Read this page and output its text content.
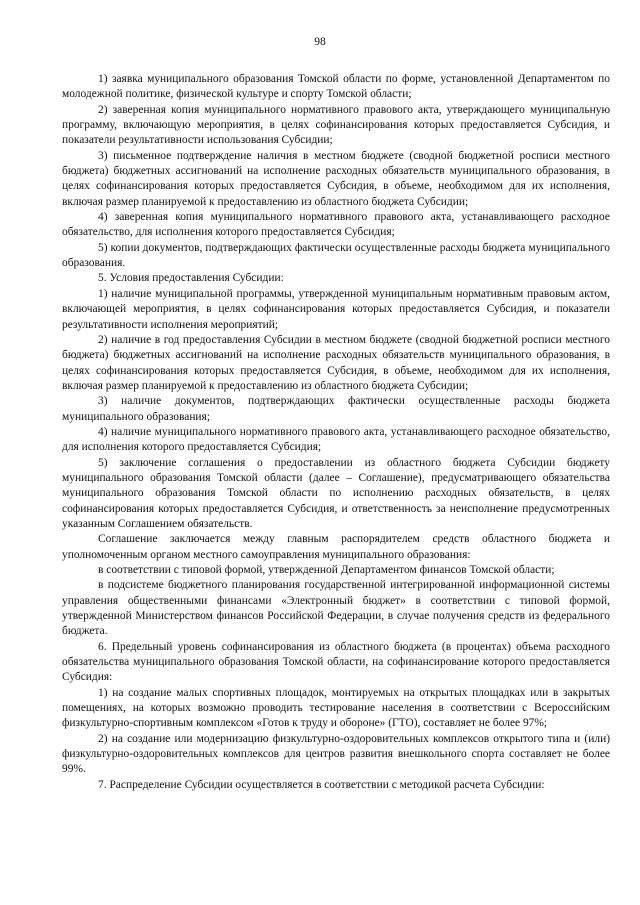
98

1) заявка муниципального образования Томской области по форме, установленной Департаментом по молодежной политике, физической культуре и спорту Томской области;

2) заверенная копия муниципального нормативного правового акта, утверждающего муниципальную программу, включающую мероприятия, в целях софинансирования которых предоставляется Субсидия, и показатели результативности использования Субсидии;

3) письменное подтверждение наличия в местном бюджете (сводной бюджетной росписи местного бюджета) бюджетных ассигнований на исполнение расходных обязательств муниципального образования, в целях софинансирования которых предоставляется Субсидия, в объеме, необходимом для их исполнения, включая размер планируемой к предоставлению из областного бюджета Субсидии;

4) заверенная копия муниципального нормативного правового акта, устанавливающего расходное обязательство, для исполнения которого предоставляется Субсидия;

5) копии документов, подтверждающих фактически осуществленные расходы бюджета муниципального образования.

5. Условия предоставления Субсидии:

1) наличие муниципальной программы, утвержденной муниципальным нормативным правовым актом, включающей мероприятия, в целях софинансирования которых предоставляется Субсидия, и показатели результативности исполнения мероприятий;

2) наличие в год предоставления Субсидии в местном бюджете (сводной бюджетной росписи местного бюджета) бюджетных ассигнований на исполнение расходных обязательств муниципального образования, в целях софинансирования которых предоставляется Субсидия, в объеме, необходимом для их исполнения, включая размер планируемой к предоставлению из областного бюджета Субсидии;

3) наличие документов, подтверждающих фактически осуществленные расходы бюджета муниципального образования;

4) наличие муниципального нормативного правового акта, устанавливающего расходное обязательство, для исполнения которого предоставляется Субсидия;

5) заключение соглашения о предоставлении из областного бюджета Субсидии бюджету муниципального образования Томской области (далее – Соглашение), предусматривающего обязательства муниципального образования Томской области по исполнению расходных обязательств, в целях софинансирования которых предоставляется Субсидия, и ответственность за неисполнение предусмотренных указанным Соглашением обязательств.

Соглашение заключается между главным распорядителем средств областного бюджета и уполномоченным органом местного самоуправления муниципального образования:

в соответствии с типовой формой, утвержденной Департаментом финансов Томской области;

в подсистеме бюджетного планирования государственной интегрированной информационной системы управления общественными финансами «Электронный бюджет» в соответствии с типовой формой, утвержденной Министерством финансов Российской Федерации, в случае получения средств из федерального бюджета.

6. Предельный уровень софинансирования из областного бюджета (в процентах) объема расходного обязательства муниципального образования Томской области, на софинансирование которого предоставляется Субсидия:

1) на создание малых спортивных площадок, монтируемых на открытых площадках или в закрытых помещениях, на которых возможно проводить тестирование населения в соответствии с Всероссийским физкультурно-спортивным комплексом «Готов к труду и обороне» (ГТО), составляет не более 97%;

2) на создание или модернизацию физкультурно-оздоровительных комплексов открытого типа и (или) физкультурно-оздоровительных комплексов для центров развития внешкольного спорта составляет не более 99%.

7. Распределение Субсидии осуществляется в соответствии с методикой расчета Субсидии:
